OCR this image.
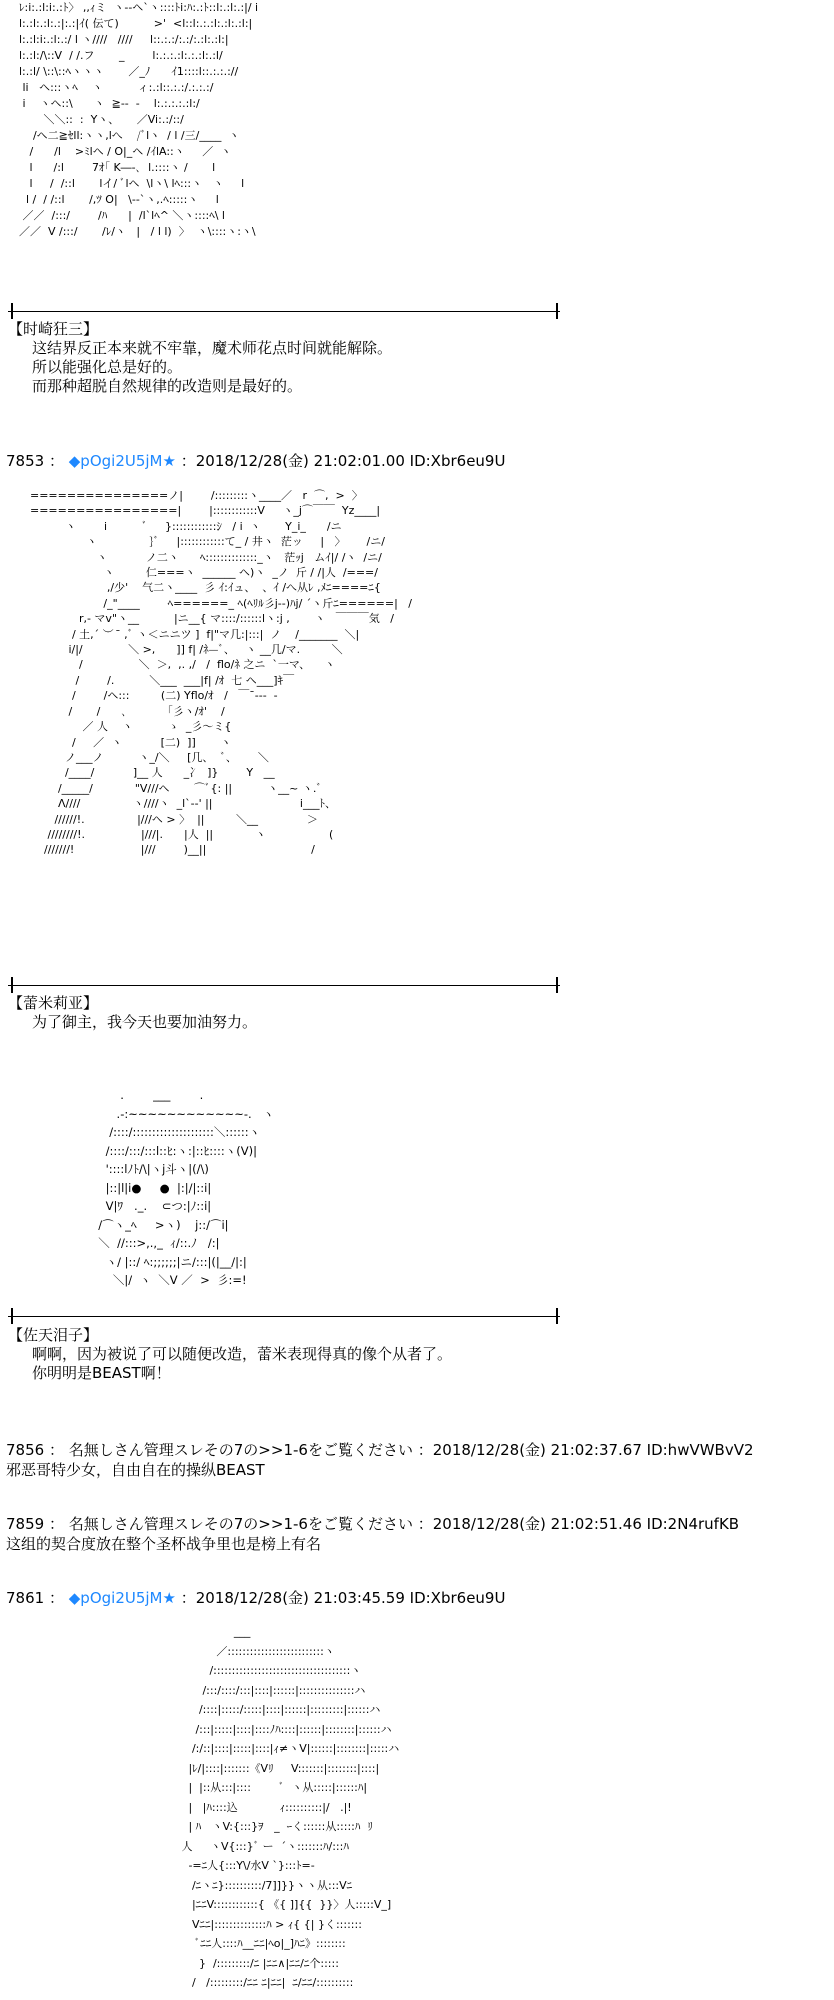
ﾚ:i:.:l:i:.:ﾄ〉 ,,ｨミ  ヽ--ヘ`ヽ::::ﾄi:ﾊ:.:ﾄ::l:.:l:.:|/ i
l:.:l:.:l:.:|:.:|ｲ( 伝て)          >'  <l::l:.:.:l:.:l:.:l:|
l:.:l:i:.:l:.:/ l ヽ////   ////     l::.:.:/:.:/:.:l:.:l:|
l:.:l:/\::V  / /.フ       _        l:.:.:.:l:.:.:l:.:l/
l:.:l/ \::\::ﾍヽヽヽ       ／_ﾉ      ｲ1::::l::.:.:.://
li   ヘ:::ヽﾍ    ヽ          ィ:.:l::.:.:/.:.:.:/
i    ヽヘ::\      ヽ  ≧‐-  -    l:.:.:.:.:l:/
＼＼::  :  Yヽ、     ／Vi:.:/::/
/ヘ二≧ｾll:ヽヽ,lへ    /ﾞlヽ  / l /三/____  ヽ
/      /l    >ﾐlヘ / O|_ヘ /ｲlA::ヽ     ／  ヽ
l      /:l        7ｵ｢ K―‐､  l.::::ヽ /       l
l     /  /::l       lイ/ ﾞlヘ  \lヽ\ lﾍ:::ヽ   ヽ     l
l /  / /::l       /,ﾂ O|   \‐-`ヽ,.ﾍ:::::ヽ     l
／／  /:::/        /ﾊ      |  /l`lﾍ^ ＼ヽ::::ﾍ\ l
／／  V /:::/       /ﾚ/ヽ   |   / l l)  〉  ヽ\::::ヽ:ヽ\

【时崎狂三】

这结界反正本来就不牢靠，魔术师花点时间就能解除。

所以能强化总是好的。

而那种超脱自然规律的改造则是最好的。

7853 ： ◆pOgi2U5jM★ ：2018/12/28(金) 21:02:01.00 ID:Xbr6eu9U
===============ノ|        /:::::::::ヽ____／   r  ⌒,  >  〉
================|        |::::::::::::V     ヽ_j⌒￣￣  Yz____|
ヽ        i          ﾞ     }::::::::::::ｼ   / i  ヽ       Y_i_      /ニ
ヽ               }ﾞ     |::::::::::::て_ / 井ヽ  茫ッ     |   〉      /ニ/
ヽ           ノ二ヽ      ﾍ::::::::::::::_ヽ   茫ｯj   ムｲ|/ /ヽ  /ニ/
ヽ         仁===ヽ  ______ ヘ)ヽ  _ノ  斤 / /|人  /===/
,/少'    气二ヽ____  彡 ｲ:ｲュ、  、ｲ /へ从ﾚ ,ﾒﾆ====ﾆ{
/_"____        ﾍ======_ ﾍ(ﾍﾘﾙ彡j‐-)ﾊj/ ´ヽ斤ﾆ======|   /
r,- マv"ヽ__          |ニ__{ マ::::/::::::lヽ:j ,       ヽ   ￣￣￣気   /
/ 土,´ ︶  ̄ ,ﾞ ヽ＜ニニツ ]  f|"マ几:|:::|  ノ    /_______  ＼|
i/|/             ＼ >,      ]] f| /ﾈ—ﾞ、   ヽ __几/マ.         ＼
/                ＼  ＞,  ,. ,/   /  flo/ﾈ 之ニ  `一マ、    ヽ
/        /.          ＼___  ___|f| /ｵ  七 ヘ___]ｷ￣
/        /ヘ:::         (二) Yflo/ｵ   /   ￣¯‐‐‐  -
/       /      ､          「彡ヽ/ｵ'    /
／ 人    ヽ          ゝ  _彡～ミ{
/     ／  ヽ           [二)  ]]       ヽ
ノ___ノ          ヽ_/＼     [几、  ﾞ、      ＼
/____/           ]__ 人      _冫  ]}        Y   __
/_____/            "V///ヘ       ⌒ﾞ{: ||          ヽ__~ ヽ.ﾞ
Λ////               ヽ////ヽ  _l`--' ||                         i___ﾄ、
//////!.               |///ヘ > 〉  ||         ＼__              ＞
////////!.                |///|.      |人  ||            ヽ                  (
///////!                   |///        )__||                              /

【蕾米莉亚】

为了御主，我今天也要加油努力。

.        ___        .
.-:~~~~~~~~~~~~-.   ヽ
/::::/:::::::::::::::::::::＼::::::ヽ
/::::/:::/:::l::ﾋ:ヽ:|::ﾋ::::ヽ(V)|
'::::lﾉﾄ/\|ヽj斗ヽ|(/\)
|::|l|i●     ●  |:|/|::i|
V|ﾜ   ._.    ⊂つ:|ﾉ::i|
/⌒ヽ_ﾍ     >ヽ)    j::/⌒i|
＼  //:::>,.,_  ｨ/::.ﾉ   /:|
ヽ/ |::/ ﾍ:;;;;;;|ニ/:::|(|__/|:|
＼|/  ヽ  ＼V ／  >  彡:=!

【佐天泪子】

啊啊，因为被说了可以随便改造，蕾米表现得真的像个从者了。

你明明是BEAST啊！

7856 ： 名無しさん管理スレその7の>>1-6をご覧ください ：2018/12/28(金) 21:02:37.67 ID:hwVWBvV2
邪恶哥特少女，自由自在的操纵BEAST
7859 ： 名無しさん管理スレその7の>>1-6をご覧ください ：2018/12/28(金) 21:02:51.46 ID:2N4rufKB
这组的契合度放在整个圣杯战争里也是榜上有名
7861 ： ◆pOgi2U5jM★ ：2018/12/28(金) 21:03:45.59 ID:Xbr6eu9U
___
／::::::::::::::::::::::::::ヽ
/:::::::::::::::::::::::::::::::::::::ヽ
/:::/::::/:::|::::|::::::|:::::::::::::::ハ
/::::|:::::/:::::|::::|::::::|:::::::::|::::::ハ
/:::|:::::|::::|::::ﾉﾊ::::|::::::|::::::::|::::::ハ
/:/::|::::|:::::|::::|ｨ≠ヽV|::::::|::::::::|:::::ハ
|ﾚ/|::::|:::::::《Vﾘ     V:::::::|::::::::|::::|
|  |::从:::|::::        ﾞ  ヽ从:::::|::::::ﾊ|
|   |ﾊ::::込            ｨ::::::::::|/   .|!
| ﾊ   ヽV:{:::}ｦ   _  ｰく::::::从:::::ﾊ  ﾘ
人     ヽV{:::}ﾞ ー  ´ヽ:::::::ﾊ/:::ﾊ
-=ﾆ人{:::Y\/水V `}:::ﾄ=-
/ﾆヽﾆ}::::::::::/7]]}}ヽヽ从:::Vﾆ
|ﾆﾆV::::::::::::{ 《{ ]]{{  }}〉人:::::V_]
Vﾆﾆ|::::::::::::::ﾊ > ｨ{ {| }く:::::::
ﾞﾆﾆ人::::ﾊ__ﾆﾆ|ﾍo|_]ﾊﾆ》::::::::
}  /:::::::::/ﾆ |ﾆﾆ∧|ﾆﾆ/ﾆ个:::::
/   /:::::::::/ﾆﾆ ﾆ|ﾆﾆ|  ﾆ/ﾆﾆ/::::::::::
